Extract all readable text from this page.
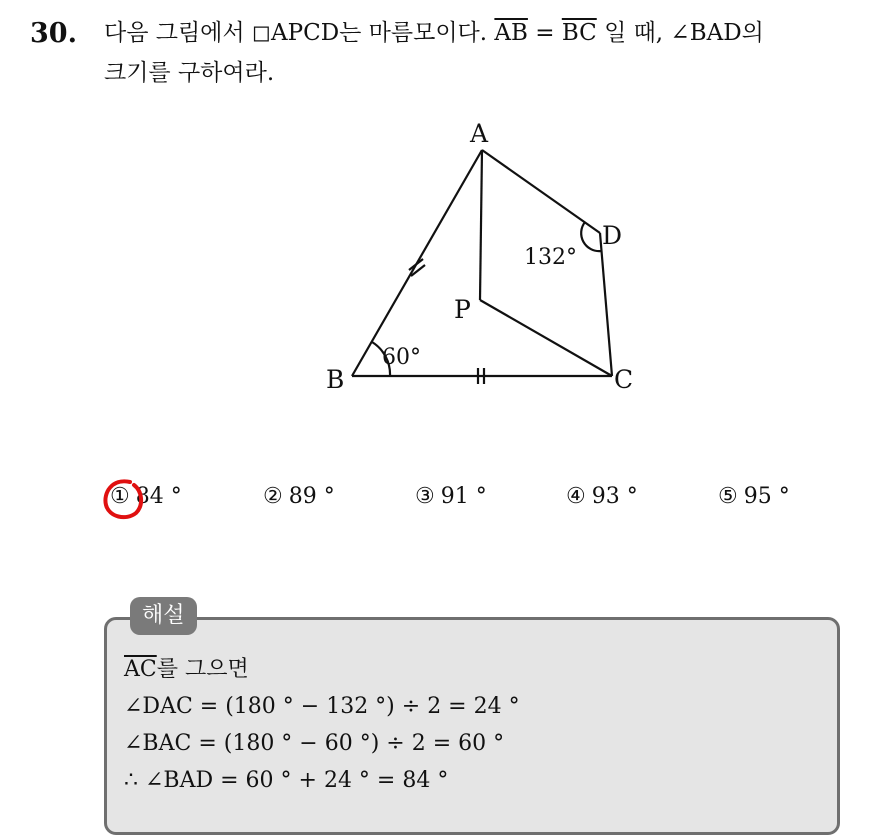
30. 다음 그림에서 ◻APCD는 마름모이다. $\overline{AB} = \overline{BC}$ 일 때, ∠BAD의
크기를 구하여라.
A
B	C
D
P
60°
132°
① 84 °	② 89 °	③ 91 °	④ 93 °	⑤ 95 °
해설
$\overline{AC}$를 그으면
∠DAC = (180 ° − 132 °) ÷ 2 = 24 °
∠BAC = (180 ° − 60 °) ÷ 2 = 60 °
∴ ∠BAD = 60 ° + 24 ° = 84 °
